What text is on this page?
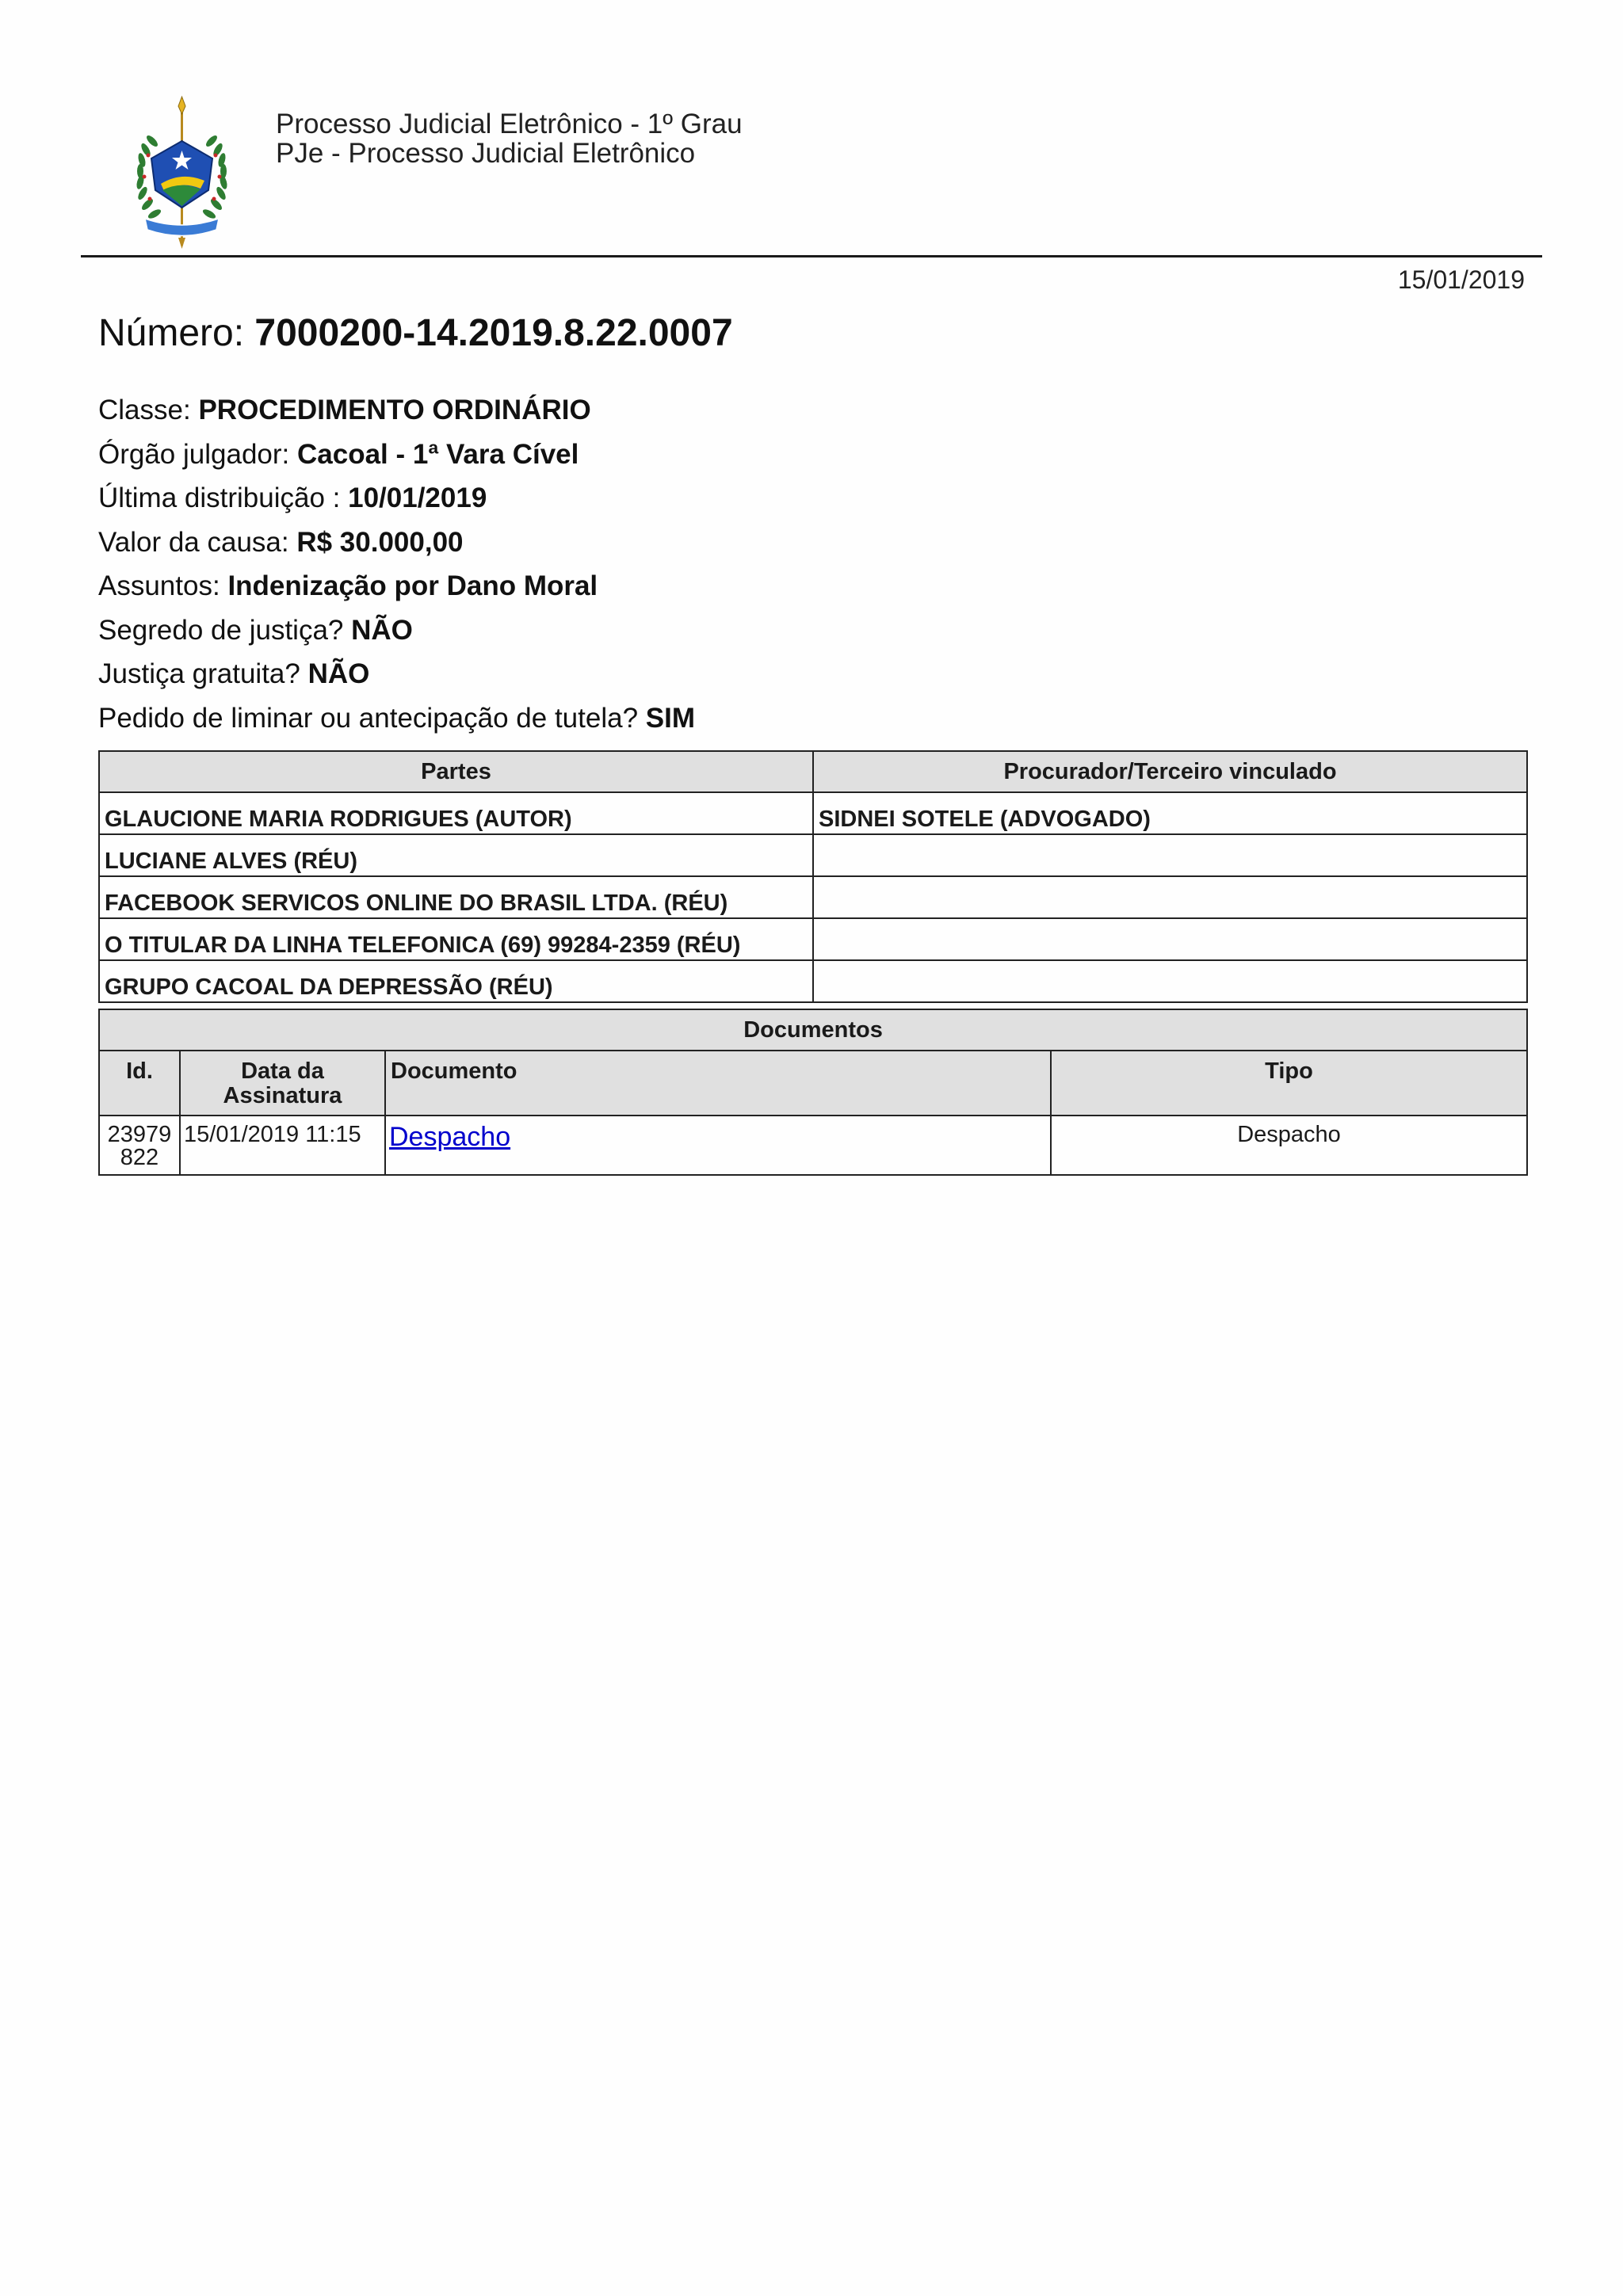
Processo Judicial Eletrônico - 1º Grau
PJe - Processo Judicial Eletrônico
15/01/2019
Número: 7000200-14.2019.8.22.0007
Classe: PROCEDIMENTO ORDINÁRIO
Órgão julgador: Cacoal - 1ª Vara Cível
Última distribuição : 10/01/2019
Valor da causa: R$ 30.000,00
Assuntos: Indenização por Dano Moral
Segredo de justiça? NÃO
Justiça gratuita? NÃO
Pedido de liminar ou antecipação de tutela? SIM
Partes	Procurador/Terceiro vinculado
GLAUCIONE MARIA RODRIGUES (AUTOR)	SIDNEI SOTELE (ADVOGADO)
LUCIANE ALVES (RÉU)	
FACEBOOK SERVICOS ONLINE DO BRASIL LTDA. (RÉU)	
O TITULAR DA LINHA TELEFONICA (69) 99284-2359 (RÉU)	
GRUPO CACOAL DA DEPRESSÃO (RÉU)	
Documentos			
Id.	Data da Assinatura	Documento	Tipo
23979822	15/01/2019 11:15	Despacho	Despacho
